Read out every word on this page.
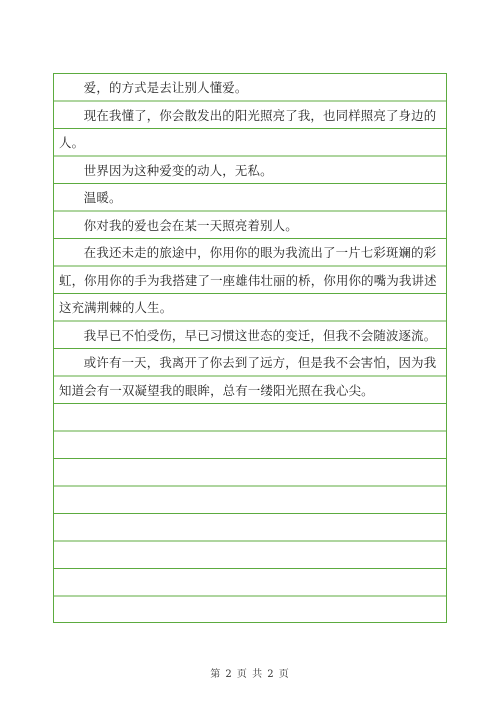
爱，的方式是去让别人懂爱。

现在我懂了，你会散发出的阳光照亮了我，也同样照亮了身边的人。

世界因为这种爱变的动人，无私。

温暖。

你对我的爱也会在某一天照亮着别人。

在我还未走的旅途中，你用你的眼为我流出了一片七彩斑斓的彩虹，你用你的手为我搭建了一座雄伟壮丽的桥，你用你的嘴为我讲述这充满荆棘的人生。

我早已不怕受伤，早已习惯这世态的变迁，但我不会随波逐流。

或许有一天，我离开了你去到了远方，但是我不会害怕，因为我知道会有一双凝望我的眼眸，总有一缕阳光照在我心尖。

第 2 页 共 2 页
